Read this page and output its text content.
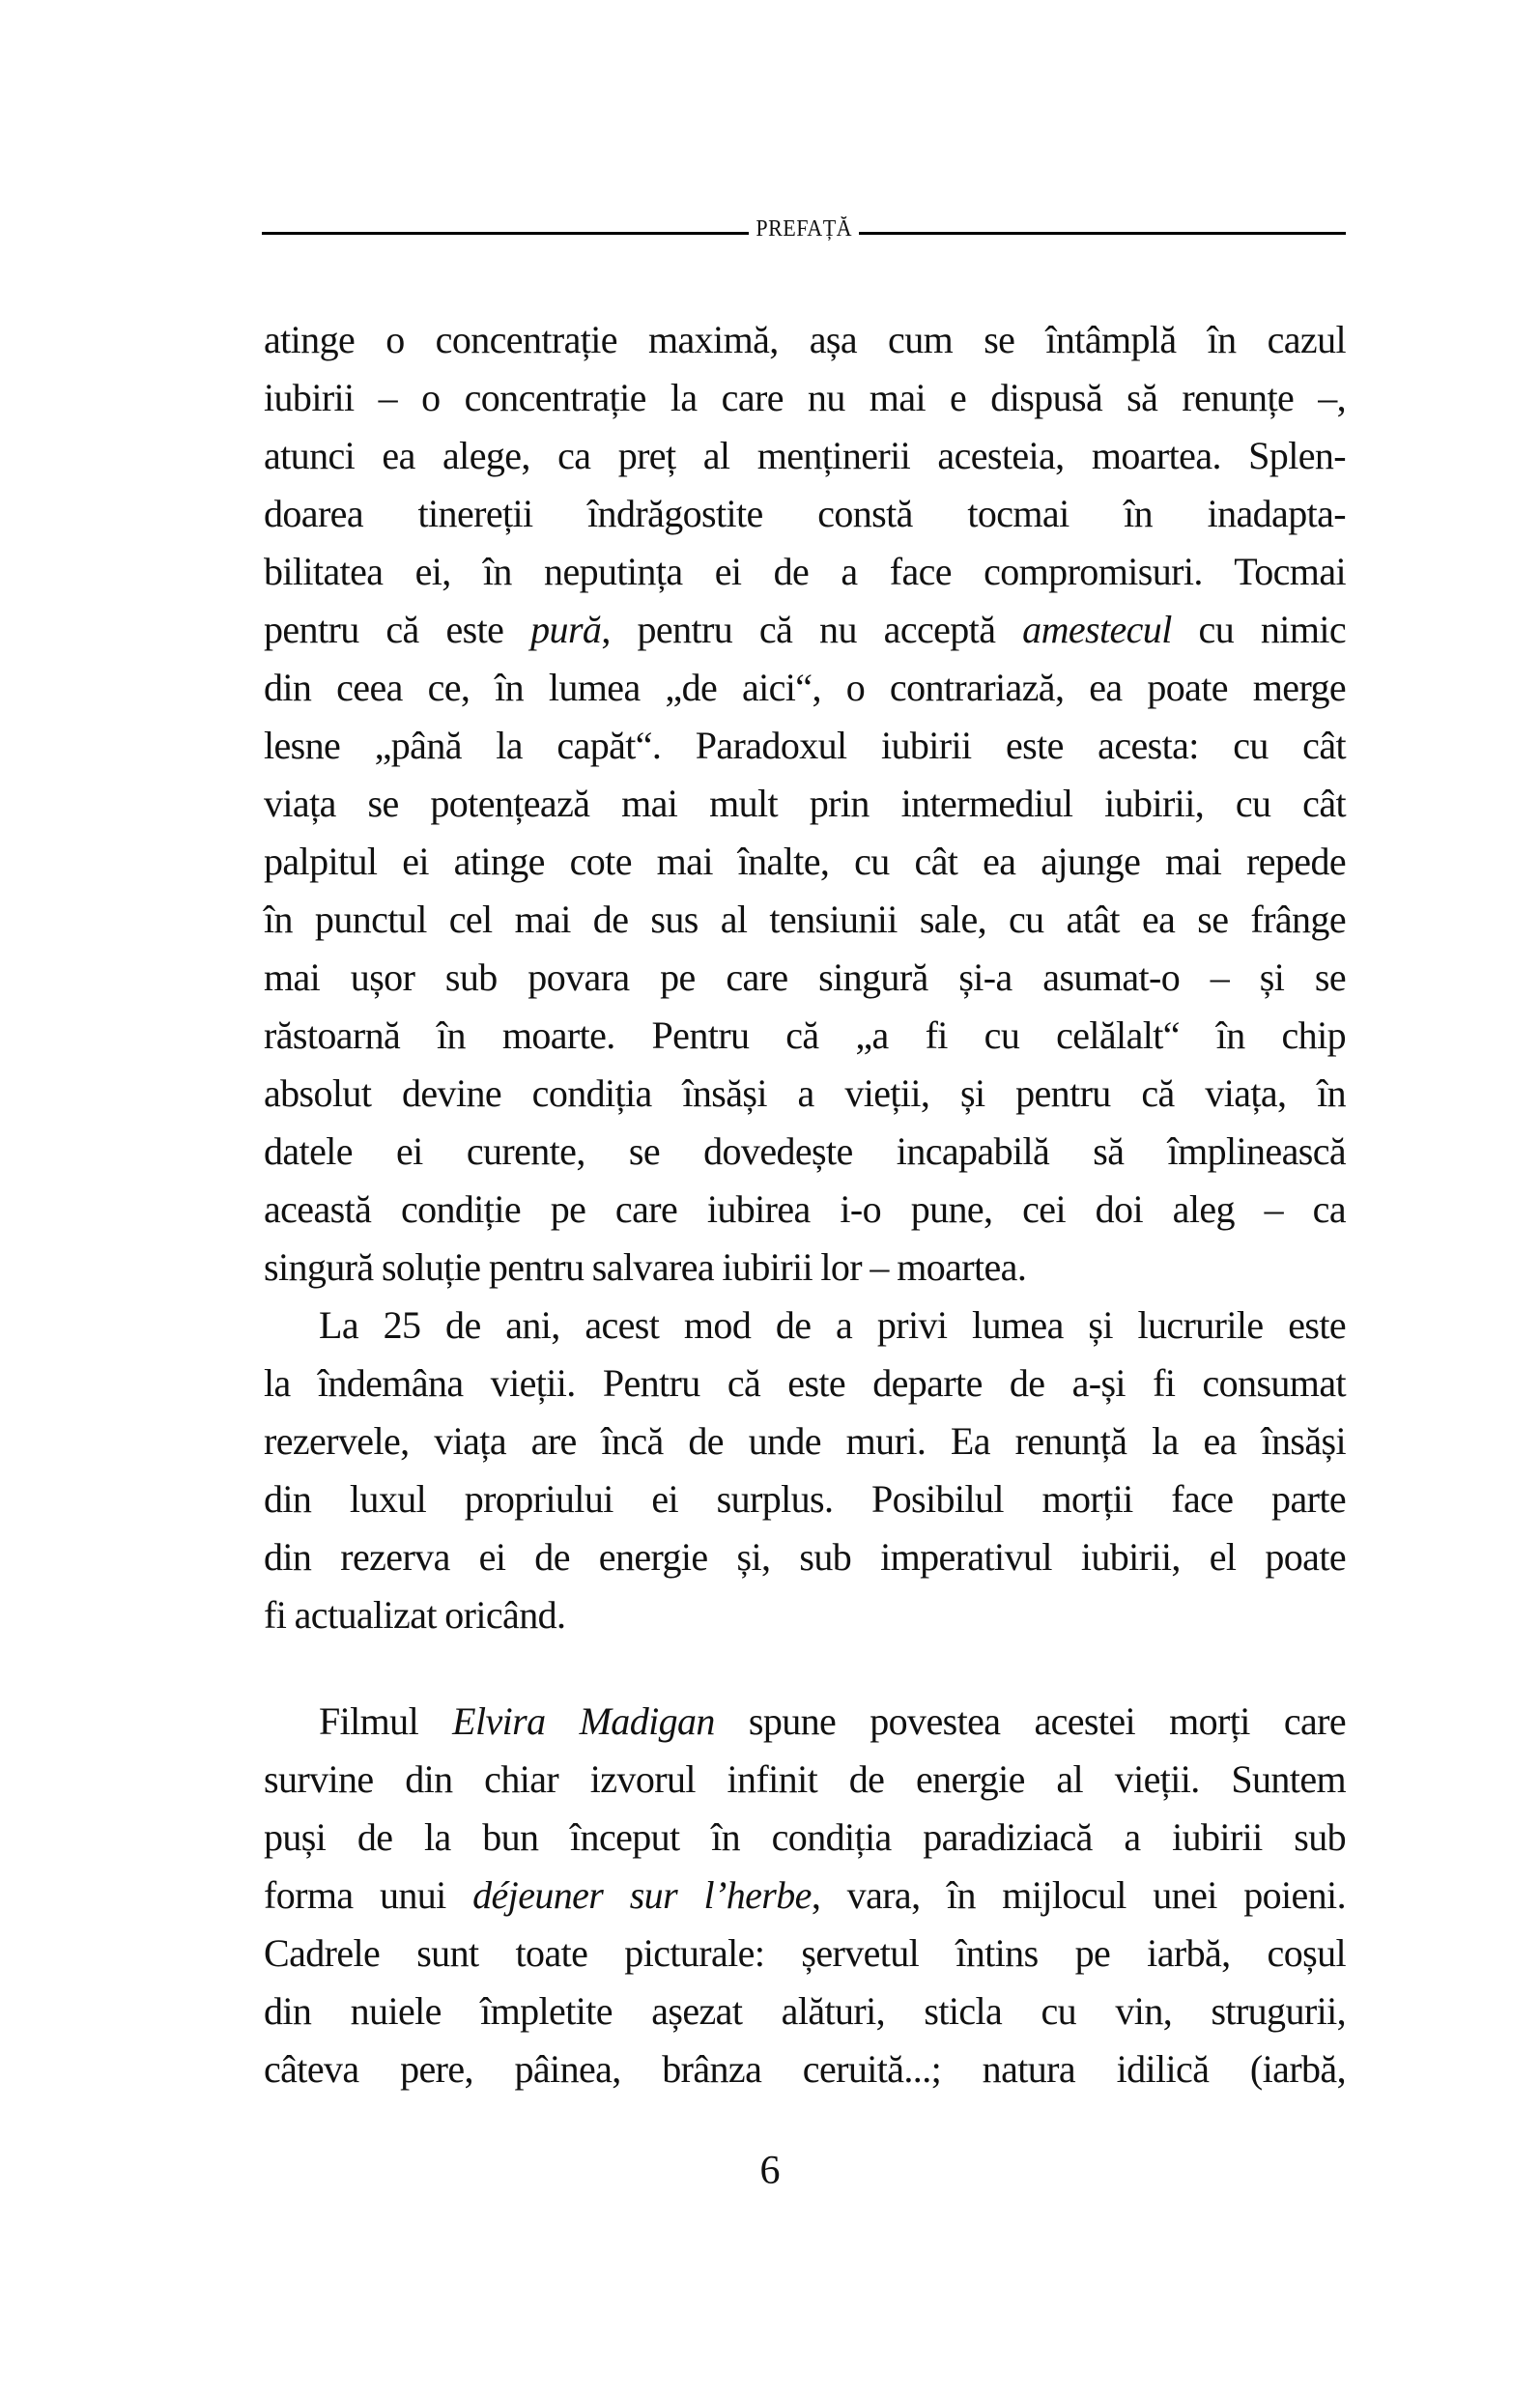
PREFAȚĂ
atinge o concentrație maximă, așa cum se întâmplă în cazul
iubirii – o concentrație la care nu mai e dispusă să renunțe –,
atunci ea alege, ca preț al menținerii acesteia, moartea. Splen-
doarea tinereții îndrăgostite constă tocmai în inadapta-
bilitatea ei, în neputința ei de a face compromisuri. Tocmai
pentru că este pură, pentru că nu acceptă amestecul cu nimic
din ceea ce, în lumea „de aici“, o contrariază, ea poate merge
lesne „până la capăt“. Paradoxul iubirii este acesta: cu cât
viața se potențează mai mult prin intermediul iubirii, cu cât
palpitul ei atinge cote mai înalte, cu cât ea ajunge mai repede
în punctul cel mai de sus al tensiunii sale, cu atât ea se frânge
mai ușor sub povara pe care singură și-a asumat-o – și se
răstoarnă în moarte. Pentru că „a fi cu celălalt“ în chip
absolut devine condiția însăși a vieții, și pentru că viața, în
datele ei curente, se dovedește incapabilă să împlinească
această condiție pe care iubirea i-o pune, cei doi aleg – ca
singură soluție pentru salvarea iubirii lor – moartea.
La 25 de ani, acest mod de a privi lumea și lucrurile este
la îndemâna vieții. Pentru că este departe de a-și fi consumat
rezervele, viața are încă de unde muri. Ea renunță la ea însăși
din luxul propriului ei surplus. Posibilul morții face parte
din rezerva ei de energie și, sub imperativul iubirii, el poate
fi actualizat oricând.
Filmul Elvira Madigan spune povestea acestei morți care
survine din chiar izvorul infinit de energie al vieții. Suntem
puși de la bun început în condiția paradiziacă a iubirii sub
forma unui déjeuner sur l’herbe, vara, în mijlocul unei poieni.
Cadrele sunt toate picturale: șervetul întins pe iarbă, coșul
din nuiele împletite așezat alături, sticla cu vin, strugurii,
câteva pere, pâinea, brânza ceruită...; natura idilică (iarbă,
6
